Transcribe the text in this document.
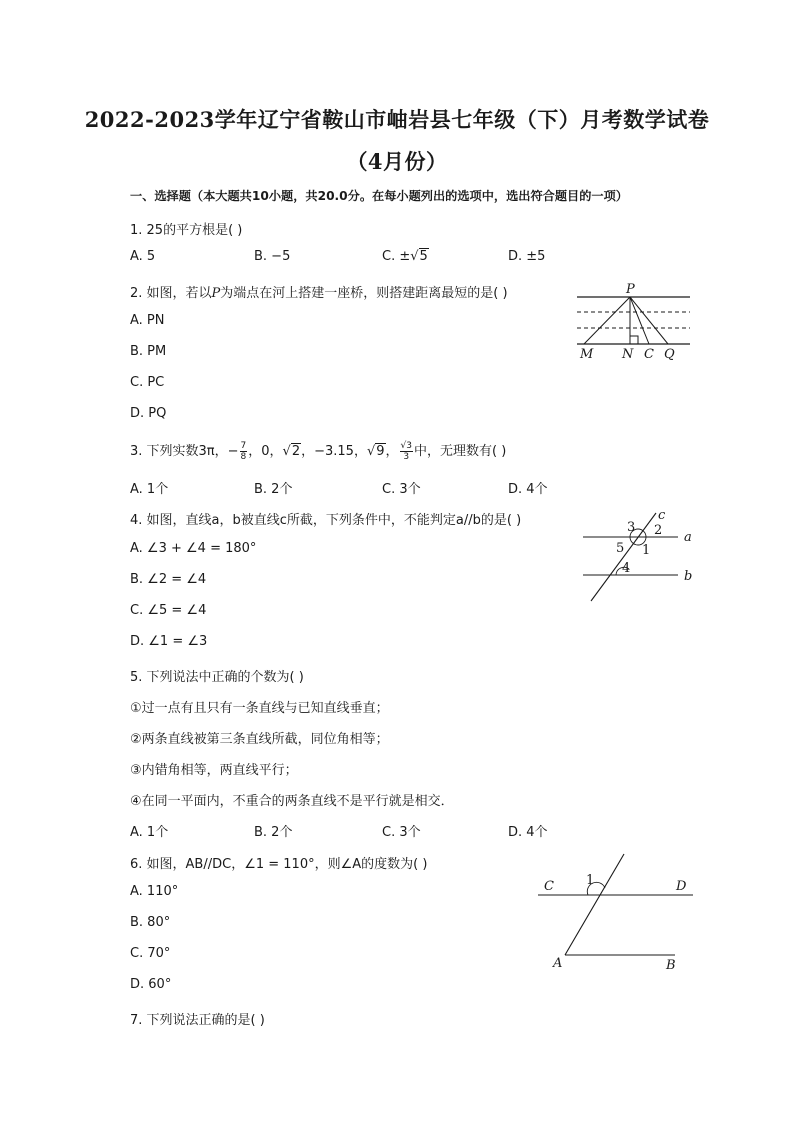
2022-2023学年辽宁省鞍山市岫岩县七年级（下）月考数学试卷
（4月份）
一、选择题（本大题共10小题，共20.0分。在每小题列出的选项中，选出符合题目的一项）
1. 25的平方根是( )
A. 5	B. −5	C. ±√5	D. ±5
2. 如图，若以P为端点在河上搭建一座桥，则搭建距离最短的是( )
A. PN
B. PM
C. PC
D. PQ
P
M N C Q
3. 下列实数3π，− $\frac{7}{8}$ ，0，√2，−3.15，√9， $\frac{√3}{3}$ 中，无理数有( )
A. 1个	B. 2个	C. 3个	D. 4个
4. 如图，直线a，b被直线c所截，下列条件中，不能判定a//b的是( )
A. ∠3 + ∠4 = 180°
B. ∠2 = ∠4
C. ∠5 = ∠4
D. ∠1 = ∠3
c
a
b
3 2
5 1
4
5. 下列说法中正确的个数为( )
①过一点有且只有一条直线与已知直线垂直；
②两条直线被第三条直线所截，同位角相等；
③内错角相等，两直线平行；
④在同一平面内，不重合的两条直线不是平行就是相交．
A. 1个	B. 2个	C. 3个	D. 4个
6. 如图，AB//DC，∠1 = 110°，则∠A的度数为( )
A. 110°
B. 80°
C. 70°
D. 60°
C	D
A	B
1
7. 下列说法正确的是( )
